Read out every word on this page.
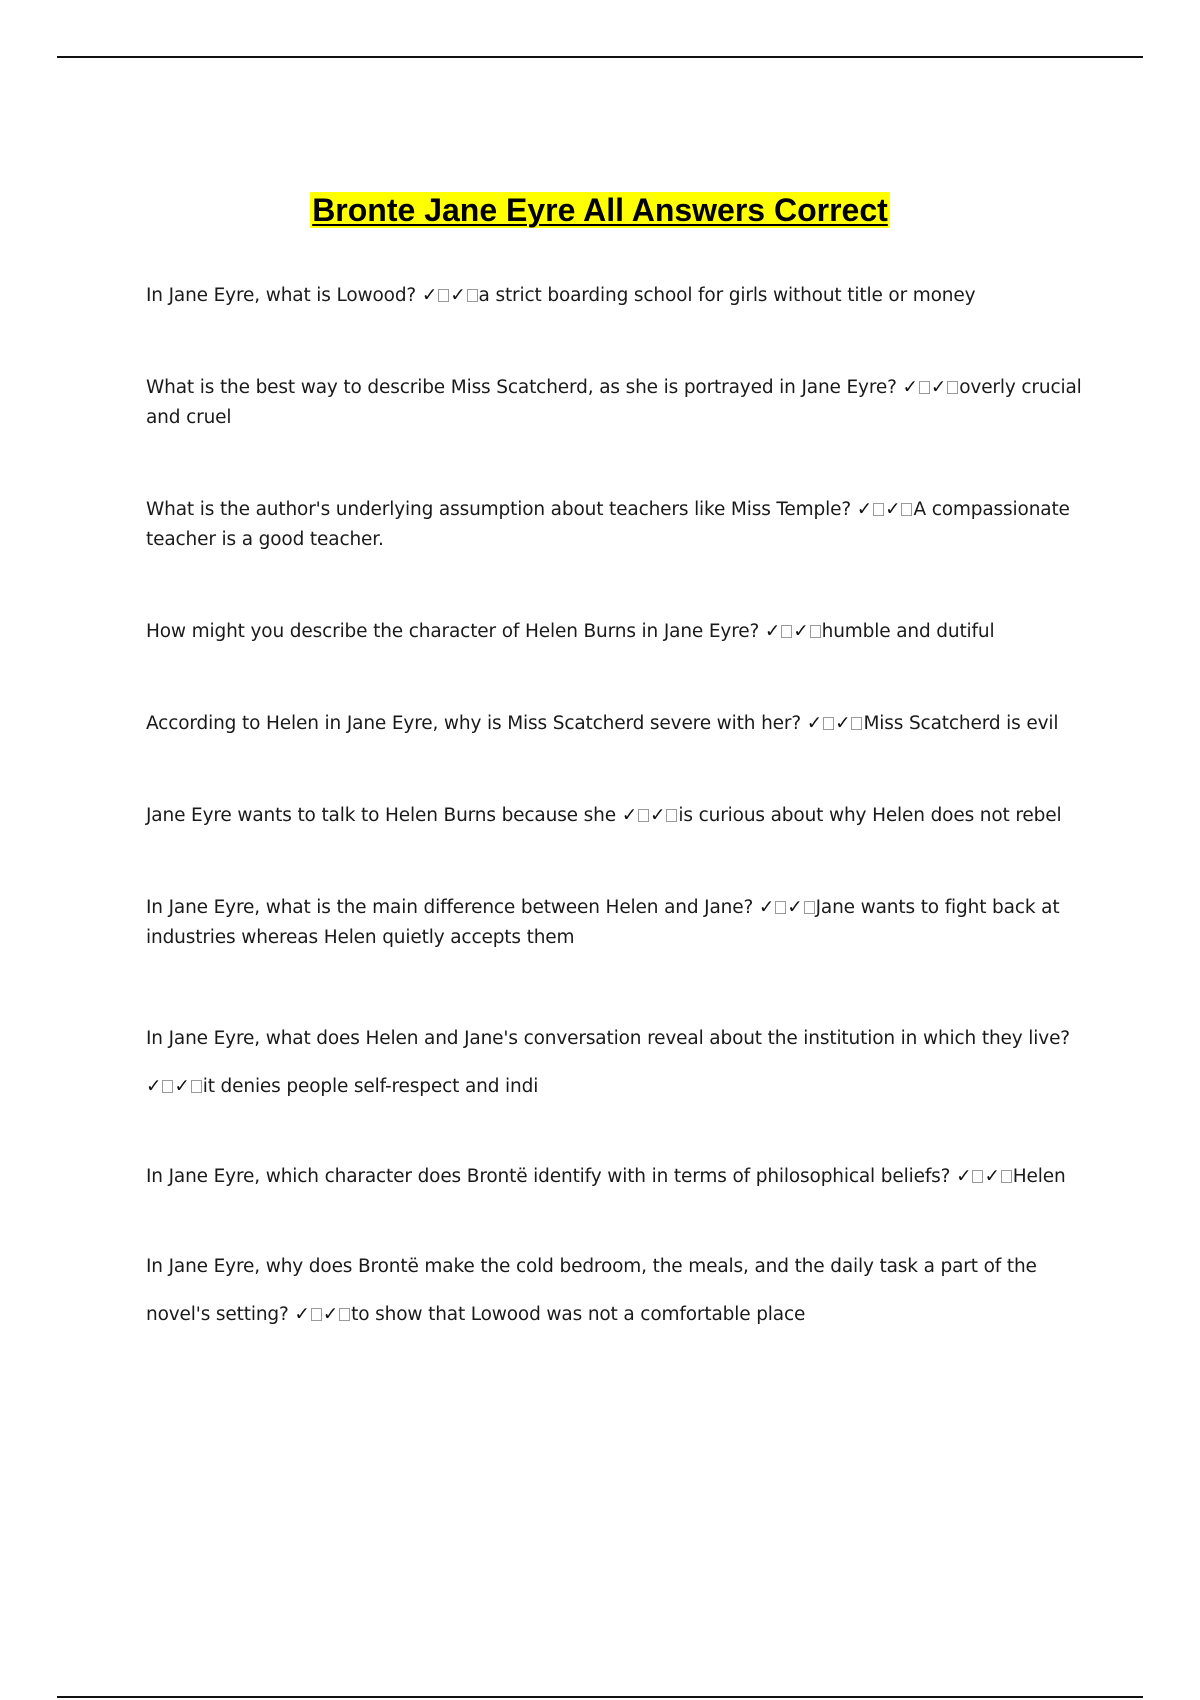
Bronte Jane Eyre All Answers Correct

In Jane Eyre, what is Lowood? ✓ ✓ a strict boarding school for girls without title or money

What is the best way to describe Miss Scatcherd, as she is portrayed in Jane Eyre? ✓ ✓ overly crucial and cruel

What is the author's underlying assumption about teachers like Miss Temple? ✓ ✓ A compassionate teacher is a good teacher.

How might you describe the character of Helen Burns in Jane Eyre? ✓ ✓ humble and dutiful

According to Helen in Jane Eyre, why is Miss Scatcherd severe with her? ✓ ✓ Miss Scatcherd is evil

Jane Eyre wants to talk to Helen Burns because she ✓ ✓ is curious about why Helen does not rebel

In Jane Eyre, what is the main difference between Helen and Jane? ✓ ✓ Jane wants to fight back at industries whereas Helen quietly accepts them

In Jane Eyre, what does Helen and Jane's conversation reveal about the institution in which they live? ✓ ✓ it denies people self-respect and indi

In Jane Eyre, which character does Brontë identify with in terms of philosophical beliefs? ✓ ✓ Helen

In Jane Eyre, why does Brontë make the cold bedroom, the meals, and the daily task a part of the novel's setting? ✓ ✓ to show that Lowood was not a comfortable place
